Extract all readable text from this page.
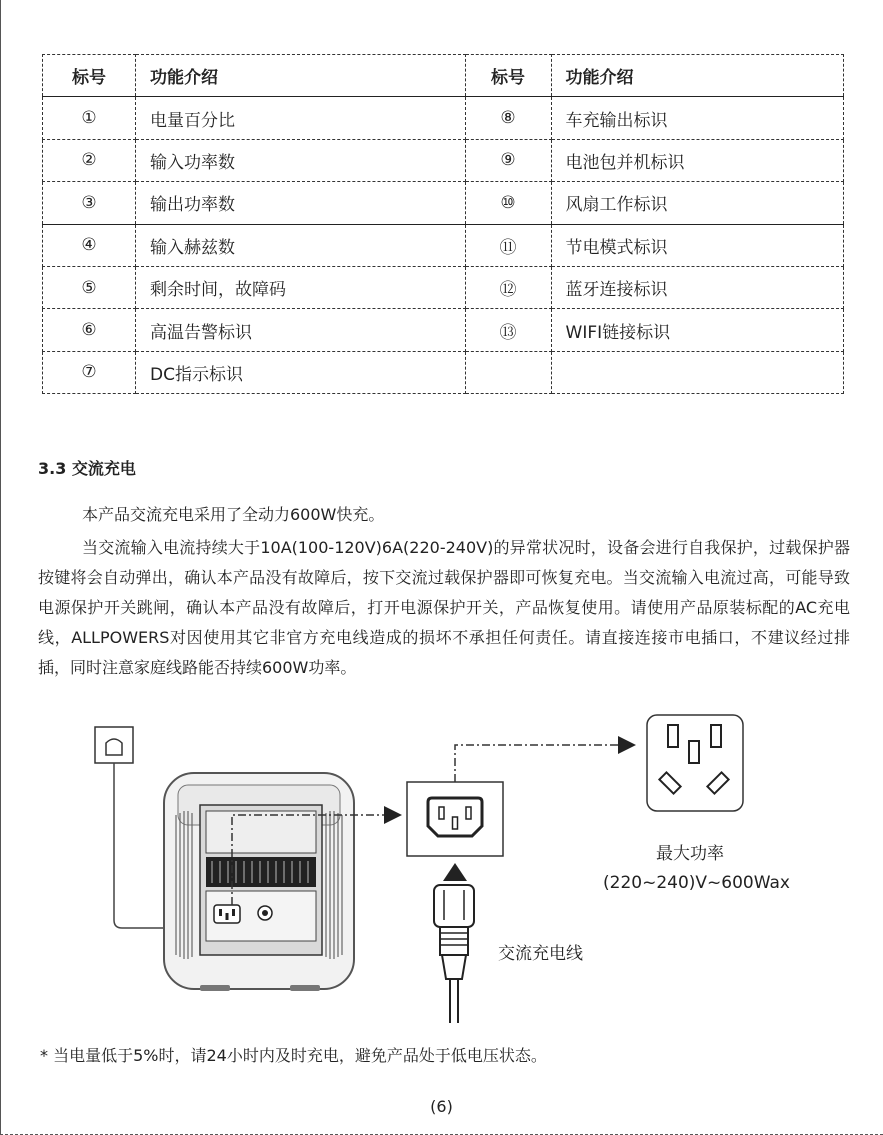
标号	功能介绍	标号	功能介绍
①	电量百分比	⑧	车充输出标识
②	输入功率数	⑨	电池包并机标识
③	输出功率数	⑩	风扇工作标识
④	输入赫兹数	⑪	节电模式标识
⑤	剩余时间，故障码	⑫	蓝牙连接标识
⑥	高温告警标识	⑬	WIFI链接标识
⑦	DC指示标识		
3.3 交流充电

本产品交流充电采用了全动力600W快充。

当交流输入电流持续大于10A(100-120V)6A(220-240V)的异常状况时，设备会进行自我保护，过载保护器按键将会自动弹出，确认本产品没有故障后，按下交流过载保护器即可恢复充电。当交流输入电流过高，可能导致电源保护开关跳闸，确认本产品没有故障后，打开电源保护开关，产品恢复使用。请使用产品原装标配的AC充电线，ALLPOWERS对因使用其它非官方充电线造成的损坏不承担任何责任。请直接连接市电插口，不建议经过排插，同时注意家庭线路能否持续600W功率。

最大功率
(220~240)V~600Wax
交流充电线
* 当电量低于5%时，请24小时内及时充电，避免产品处于低电压状态。
(6)
